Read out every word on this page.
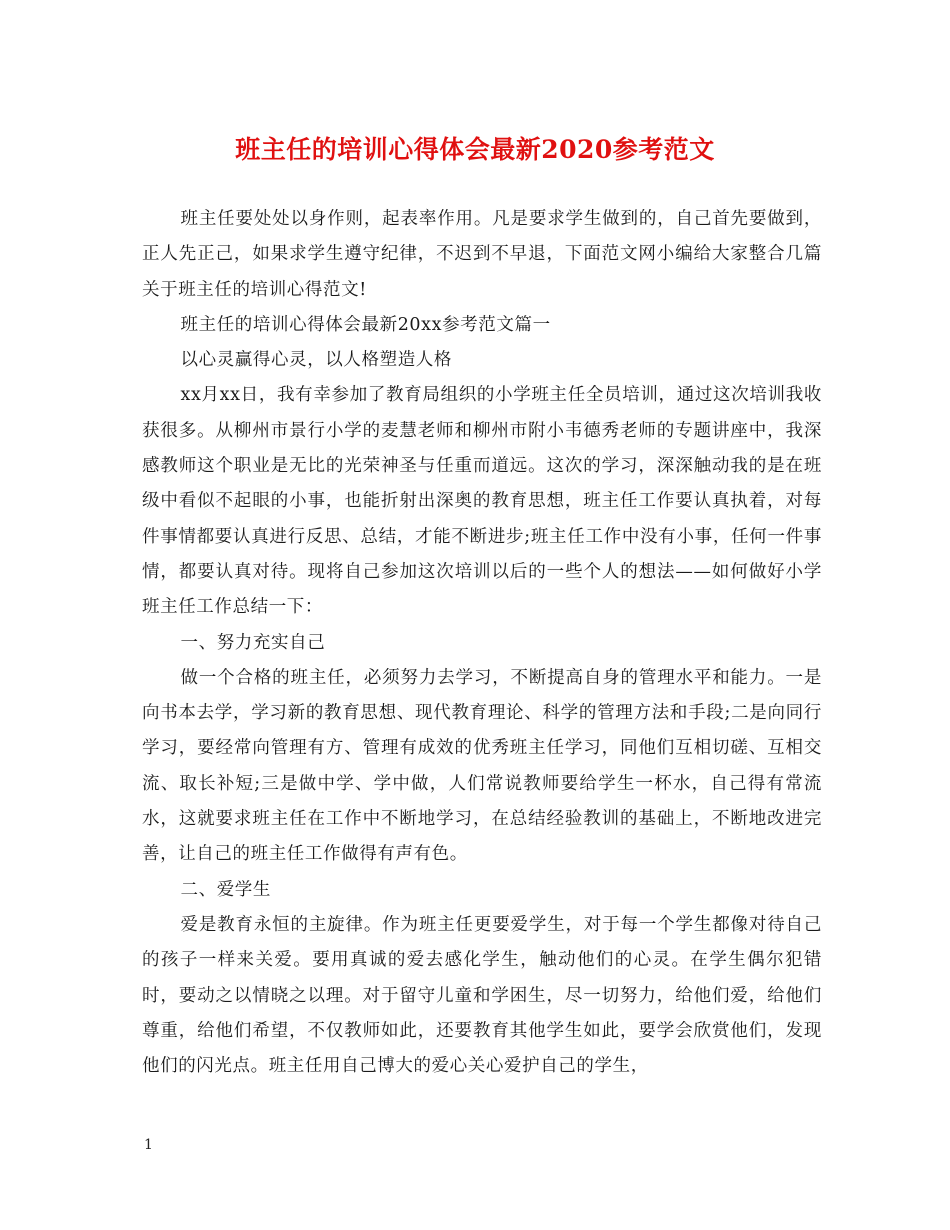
班主任的培训心得体会最新2020参考范文

班主任要处处以身作则，起表率作用。凡是要求学生做到的，自己首先要做到，正人先正己，如果求学生遵守纪律，不迟到不早退，下面范文网小编给大家整合几篇关于班主任的培训心得范文!

班主任的培训心得体会最新20xx参考范文篇一

以心灵赢得心灵，以人格塑造人格

xx月xx日，我有幸参加了教育局组织的小学班主任全员培训，通过这次培训我收获很多。从柳州市景行小学的麦慧老师和柳州市附小韦德秀老师的专题讲座中，我深感教师这个职业是无比的光荣神圣与任重而道远。这次的学习，深深触动我的是在班级中看似不起眼的小事，也能折射出深奥的教育思想，班主任工作要认真执着，对每件事情都要认真进行反思、总结，才能不断进步;班主任工作中没有小事，任何一件事情，都要认真对待。现将自己参加这次培训以后的一些个人的想法——如何做好小学班主任工作总结一下：

一、努力充实自己

做一个合格的班主任，必须努力去学习，不断提高自身的管理水平和能力。一是向书本去学，学习新的教育思想、现代教育理论、科学的管理方法和手段;二是向同行学习，要经常向管理有方、管理有成效的优秀班主任学习，同他们互相切磋、互相交流、取长补短;三是做中学、学中做，人们常说教师要给学生一杯水，自己得有常流水，这就要求班主任在工作中不断地学习，在总结经验教训的基础上，不断地改进完善，让自己的班主任工作做得有声有色。

二、爱学生

爱是教育永恒的主旋律。作为班主任更要爱学生，对于每一个学生都像对待自己的孩子一样来关爱。要用真诚的爱去感化学生，触动他们的心灵。在学生偶尔犯错时，要动之以情晓之以理。对于留守儿童和学困生，尽一切努力，给他们爱，给他们尊重，给他们希望，不仅教师如此，还要教育其他学生如此，要学会欣赏他们，发现他们的闪光点。班主任用自己博大的爱心关心爱护自己的学生，

1
